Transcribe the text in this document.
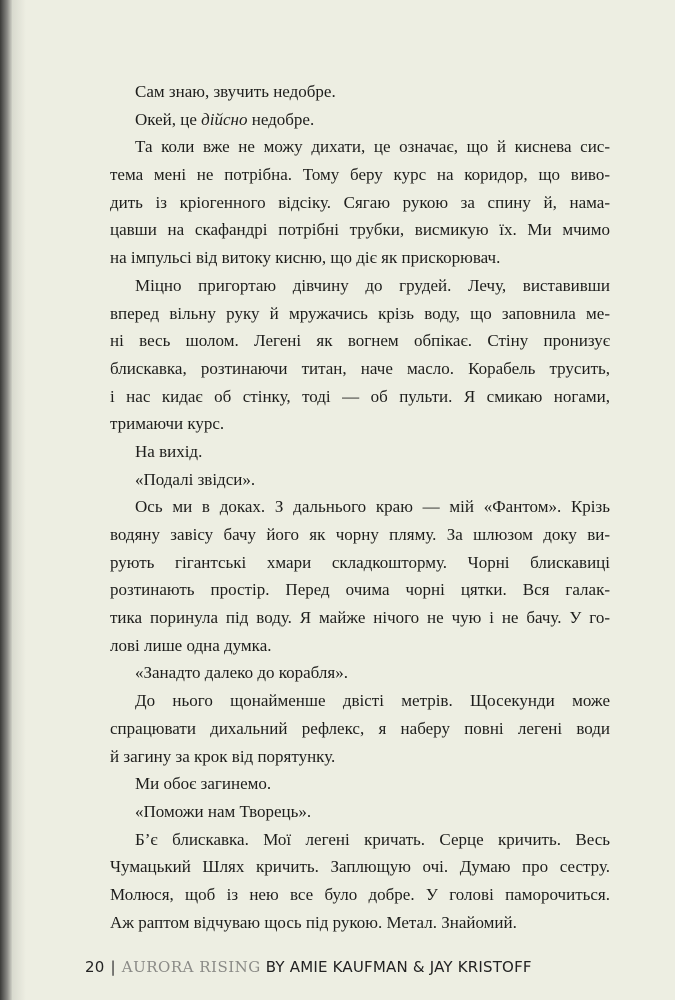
Сам знаю, звучить недобре.
Окей, це дійсно недобре.
Та коли вже не можу дихати, це означає, що й киснева сис-
тема мені не потрібна. Тому беру курс на коридор, що виво-
дить із кріогенного відсіку. Сягаю рукою за спину й, нама-
цавши на скафандрі потрібні трубки, висмикую їх. Ми мчимо
на імпульсі від витоку кисню, що діє як прискорювач.
Міцно пригортаю дівчину до грудей. Лечу, виставивши
вперед вільну руку й мружачись крізь воду, що заповнила ме-
ні весь шолом. Легені як вогнем обпікає. Стіну пронизує
блискавка, розтинаючи титан, наче масло. Корабель трусить,
і нас кидає об стінку, тоді — об пульти. Я смикаю ногами,
тримаючи курс.
На вихід.
«Подалі звідси».
Ось ми в доках. З дальнього краю — мій «Фантом». Крізь
водяну завісу бачу його як чорну пляму. За шлюзом доку ви-
рують гігантські хмари складкошторму. Чорні блискавиці
розтинають простір. Перед очима чорні цятки. Вся галак-
тика поринула під воду. Я майже нічого не чую і не бачу. У го-
лові лише одна думка.
«Занадто далеко до корабля».
До нього щонайменше двісті метрів. Щосекунди може
спрацювати дихальний рефлекс, я наберу повні легені води
й загину за крок від порятунку.
Ми обоє загинемо.
«Поможи нам Творець».
Б’є блискавка. Мої легені кричать. Серце кричить. Весь
Чумацький Шлях кричить. Заплющую очі. Думаю про сестру.
Молюся, щоб із нею все було добре. У голові паморочиться.
Аж раптом відчуваю щось під рукою. Метал. Знайомий.
20 | AURORA RISING BY AMIE KAUFMAN & JAY KRISTOFF
